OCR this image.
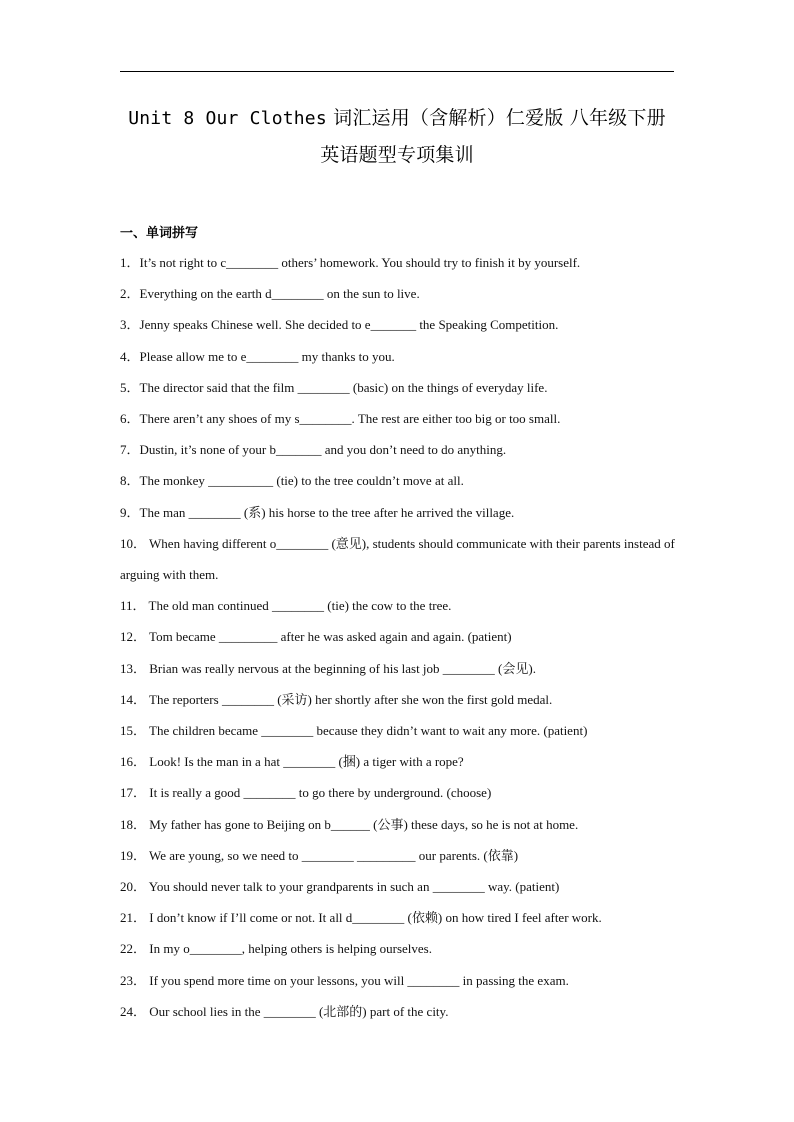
Unit 8 Our Clothes 词汇运用（含解析）仁爱版 八年级下册
英语题型专项集训
一、单词拼写
1．It’s not right to c________ others’ homework. You should try to finish it by yourself.
2．Everything on the earth d________ on the sun to live.
3．Jenny speaks Chinese well. She decided to e_______ the Speaking Competition.
4．Please allow me to e________ my thanks to you.
5．The director said that the film ________ (basic) on the things of everyday life.
6．There aren’t any shoes of my s________. The rest are either too big or too small.
7．Dustin, it’s none of your b_______ and you don’t need to do anything.
8．The monkey __________ (tie) to the tree couldn’t move at all.
9．The man ________ (系) his horse to the tree after he arrived the village.
10． When having different o________ (意见), students should communicate with their parents instead of arguing with them.
11． The old man continued ________ (tie) the cow to the tree.
12． Tom became _________ after he was asked again and again. (patient)
13． Brian was really nervous at the beginning of his last job ________ (会见).
14． The reporters ________ (采访) her shortly after she won the first gold medal.
15． The children became ________ because they didn’t want to wait any more. (patient)
16． Look! Is the man in a hat ________ (捆) a tiger with a rope?
17． It is really a good ________ to go there by underground. (choose)
18． My father has gone to Beijing on b______ (公事) these days, so he is not at home.
19． We are young, so we need to ________ _________ our parents. (依靠)
20． You should never talk to your grandparents in such an ________ way. (patient)
21． I don’t know if I’ll come or not. It all d________ (依赖) on how tired I feel after work.
22． In my o________, helping others is helping ourselves.
23． If you spend more time on your lessons, you will ________ in passing the exam.
24． Our school lies in the ________ (北部的) part of the city.
